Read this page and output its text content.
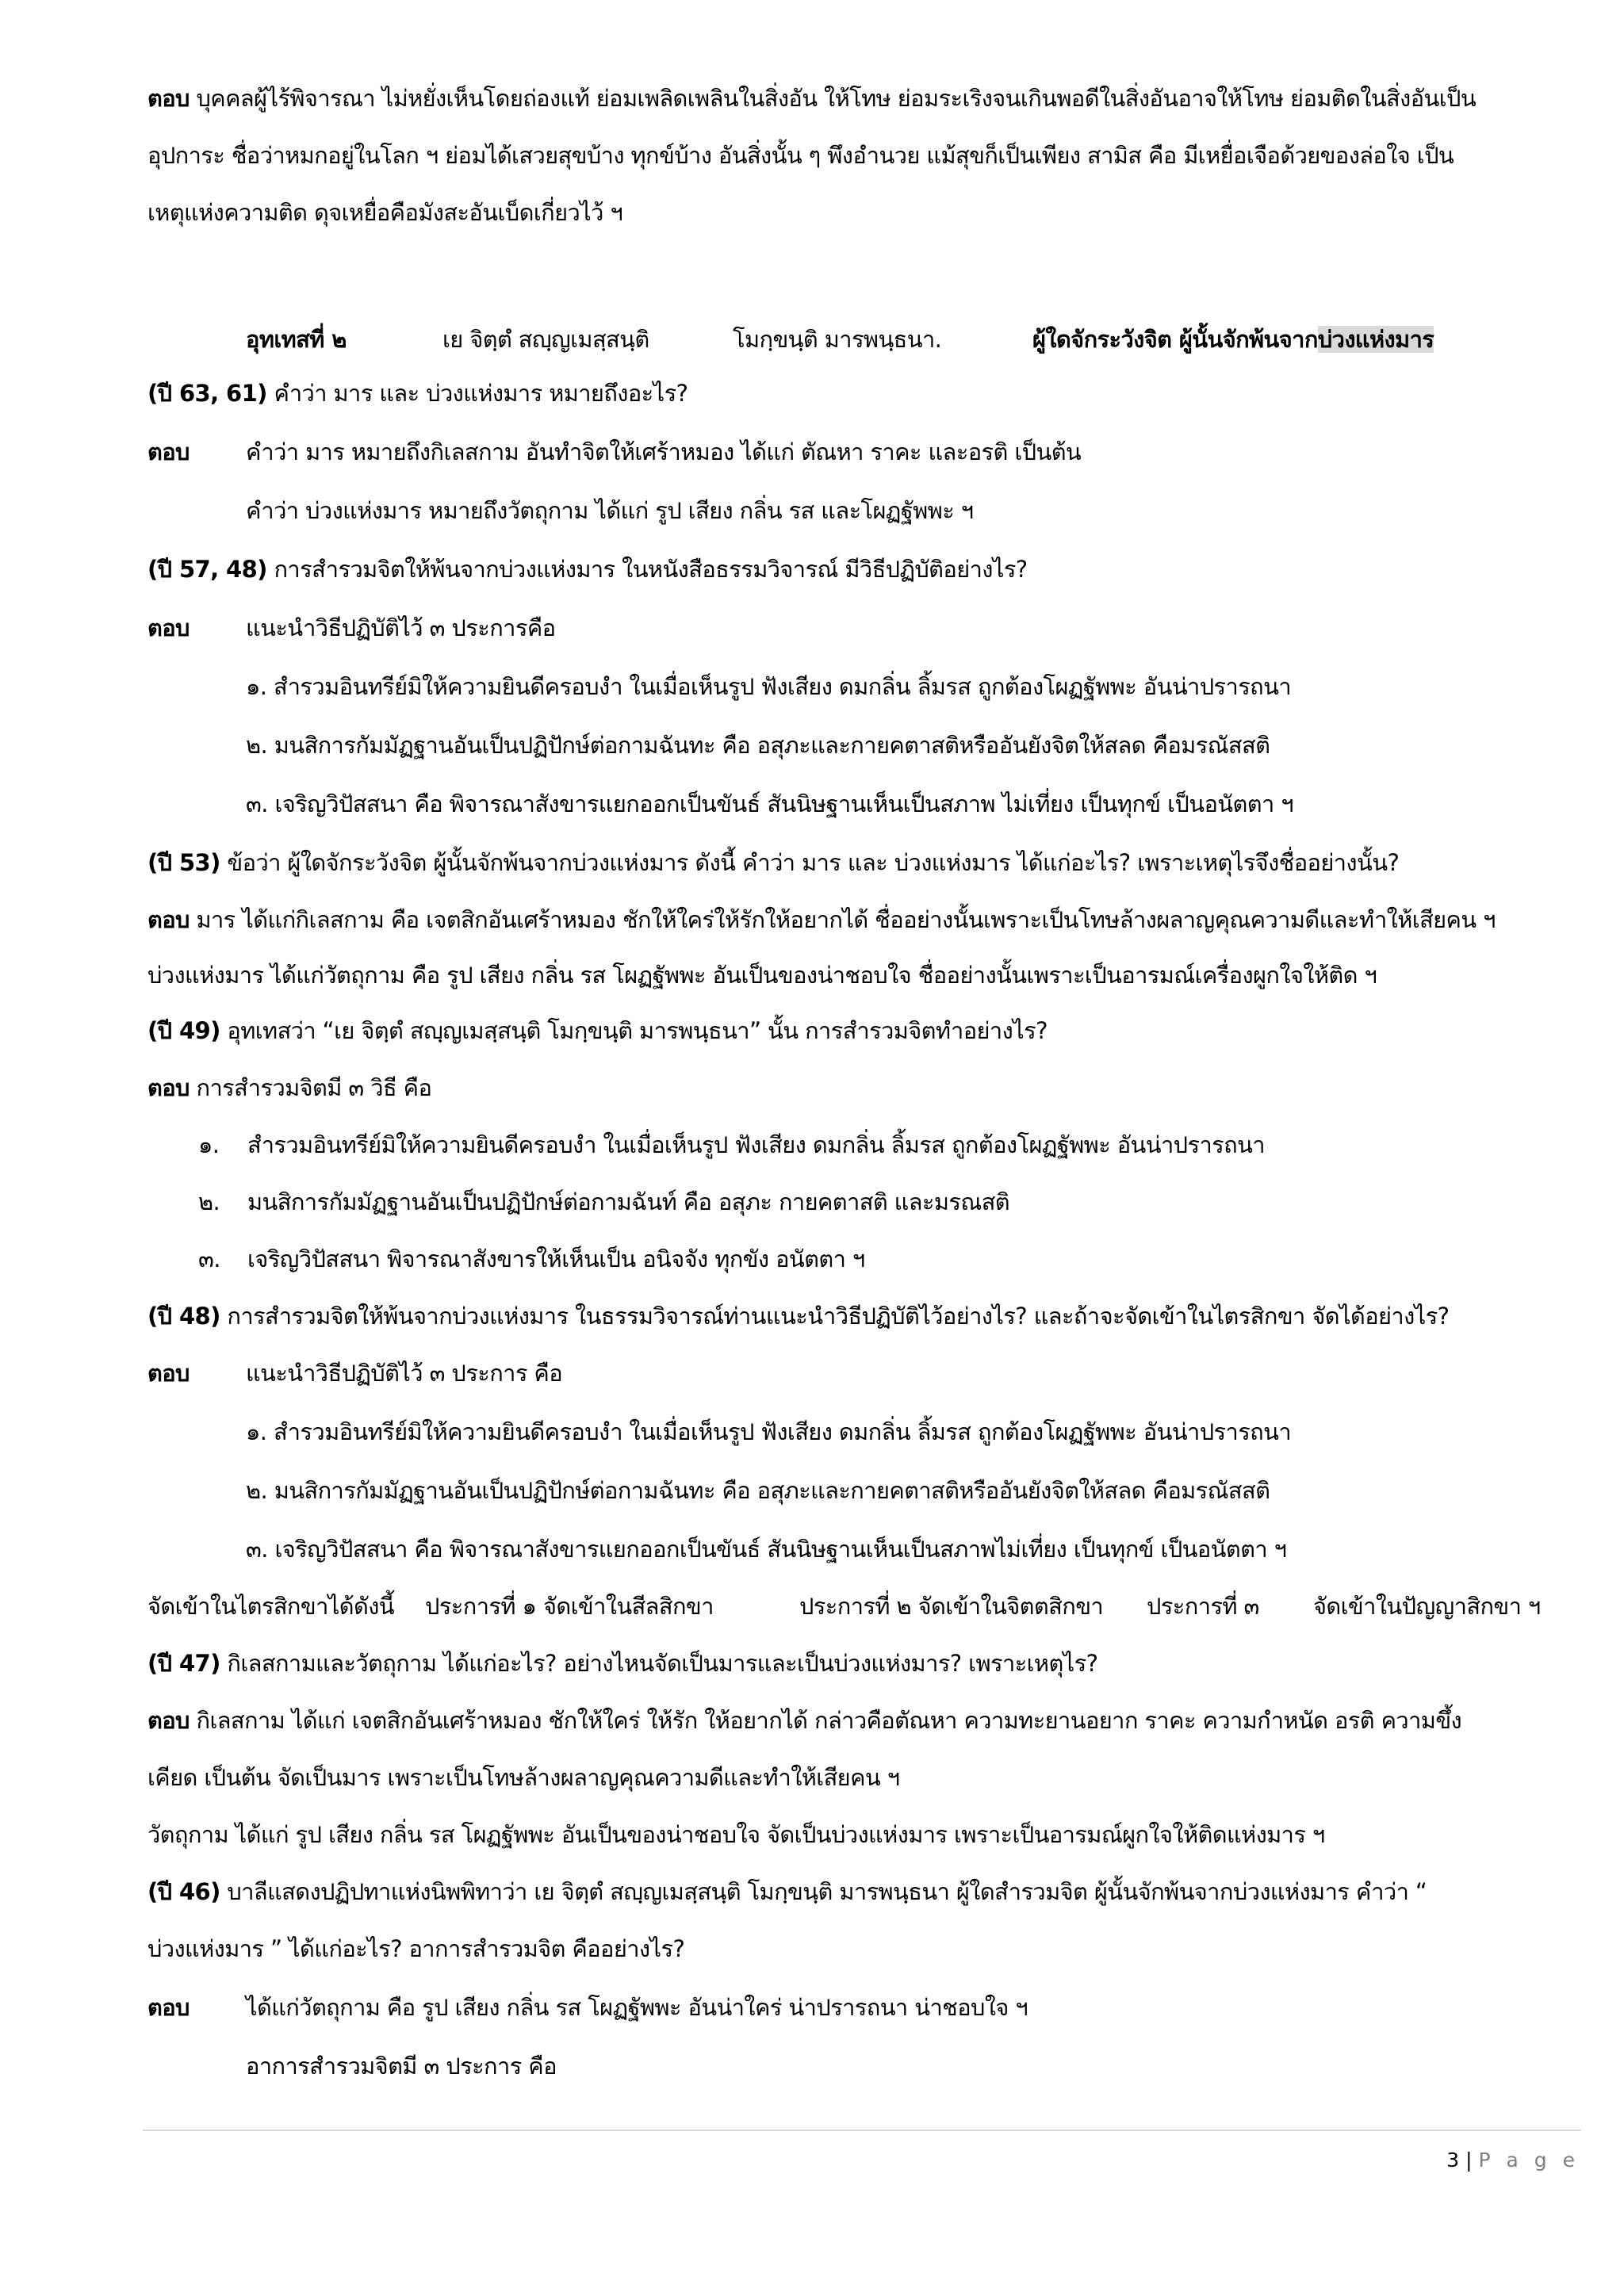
ตอบ บุคคลผู้ไร้พิจารณา ไม่หยั่งเห็นโดยถ่องแท้ ย่อมเพลิดเพลินในสิ่งอัน ให้โทษ ย่อมระเริงจนเกินพอดีในสิ่งอันอาจให้โทษ ย่อมติดในสิ่งอันเป็น
อุปการะ ชื่อว่าหมกอยู่ในโลก ฯ ย่อมได้เสวยสุขบ้าง ทุกข์บ้าง อันสิ่งนั้น ๆ พึงอำนวย แม้สุขก็เป็นเพียง สามิส คือ มีเหยื่อเจือด้วยของล่อใจ เป็น
เหตุแห่งความติด ดุจเหยื่อคือมังสะอันเบ็ดเกี่ยวไว้ ฯ
อุทเทสที่ ๒	เย จิตฺตํ สญฺญเมสฺสนฺติ	โมกฺขนฺติ มารพนฺธนา.	ผู้ใดจักระวังจิต ผู้นั้นจักพ้นจากบ่วงแห่งมาร
(ปี 63, 61) คำว่า มาร และ บ่วงแห่งมาร หมายถึงอะไร?
ตอบ คำว่า มาร หมายถึงกิเลสกาม อันทำจิตให้เศร้าหมอง ได้แก่ ตัณหา ราคะ และอรติ เป็นต้น
คำว่า บ่วงแห่งมาร หมายถึงวัตถุกาม ได้แก่ รูป เสียง กลิ่น รส และโผฏฐัพพะ ฯ
(ปี 57, 48) การสำรวมจิตให้พ้นจากบ่วงแห่งมาร ในหนังสือธรรมวิจารณ์ มีวิธีปฏิบัติอย่างไร?
ตอบ แนะนำวิธีปฏิบัติไว้ ๓ ประการคือ
๑. สำรวมอินทรีย์มิให้ความยินดีครอบงำ ในเมื่อเห็นรูป ฟังเสียง ดมกลิ่น ลิ้มรส ถูกต้องโผฏฐัพพะ อันน่าปรารถนา
๒. มนสิการกัมมัฏฐานอันเป็นปฏิปักษ์ต่อกามฉันทะ คือ อสุภะและกายคตาสติหรืออันยังจิตให้สลด คือมรณัสสติ
๓. เจริญวิปัสสนา คือ พิจารณาสังขารแยกออกเป็นขันธ์ สันนิษฐานเห็นเป็นสภาพ ไม่เที่ยง เป็นทุกข์ เป็นอนัตตา ฯ
(ปี 53) ข้อว่า ผู้ใดจักระวังจิต ผู้นั้นจักพ้นจากบ่วงแห่งมาร ดังนี้ คำว่า มาร และ บ่วงแห่งมาร ได้แก่อะไร? เพราะเหตุไรจึงชื่ออย่างนั้น?
ตอบ มาร ได้แก่กิเลสกาม คือ เจตสิกอันเศร้าหมอง ชักให้ใคร่ให้รักให้อยากได้ ชื่ออย่างนั้นเพราะเป็นโทษล้างผลาญคุณความดีและทำให้เสียคน ฯ
บ่วงแห่งมาร ได้แก่วัตถุกาม คือ รูป เสียง กลิ่น รส โผฏฐัพพะ อันเป็นของน่าชอบใจ ชื่ออย่างนั้นเพราะเป็นอารมณ์เครื่องผูกใจให้ติด ฯ
(ปี 49) อุทเทสว่า “เย จิตฺตํ สญฺญเมสฺสนฺติ โมกฺขนฺติ มารพนฺธนา” นั้น การสำรวมจิตทำอย่างไร?
ตอบ การสำรวมจิตมี ๓ วิธี คือ
๑. สำรวมอินทรีย์มิให้ความยินดีครอบงำ ในเมื่อเห็นรูป ฟังเสียง ดมกลิ่น ลิ้มรส ถูกต้องโผฏฐัพพะ อันน่าปรารถนา
๒. มนสิการกัมมัฏฐานอันเป็นปฏิปักษ์ต่อกามฉันท์ คือ อสุภะ กายคตาสติ และมรณสติ
๓. เจริญวิปัสสนา พิจารณาสังขารให้เห็นเป็น อนิจจัง ทุกขัง อนัตตา ฯ
(ปี 48) การสำรวมจิตให้พ้นจากบ่วงแห่งมาร ในธรรมวิจารณ์ท่านแนะนำวิธีปฏิบัติไว้อย่างไร? และถ้าจะจัดเข้าในไตรสิกขา จัดได้อย่างไร?
ตอบ แนะนำวิธีปฏิบัติไว้ ๓ ประการ คือ
๑. สำรวมอินทรีย์มิให้ความยินดีครอบงำ ในเมื่อเห็นรูป ฟังเสียง ดมกลิ่น ลิ้มรส ถูกต้องโผฏฐัพพะ อันน่าปรารถนา
๒. มนสิการกัมมัฏฐานอันเป็นปฏิปักษ์ต่อกามฉันทะ คือ อสุภะและกายคตาสติหรืออันยังจิตให้สลด คือมรณัสสติ
๓. เจริญวิปัสสนา คือ พิจารณาสังขารแยกออกเป็นขันธ์ สันนิษฐานเห็นเป็นสภาพไม่เที่ยง เป็นทุกข์ เป็นอนัตตา ฯ
จัดเข้าในไตรสิกขาได้ดังนี้ ประการที่ ๑ จัดเข้าในสีลสิกขา	ประการที่ ๒ จัดเข้าในจิตตสิกขา ประการที่ ๓ จัดเข้าในปัญญาสิกขา ฯ
(ปี 47) กิเลสกามและวัตถุกาม ได้แก่อะไร? อย่างไหนจัดเป็นมารและเป็นบ่วงแห่งมาร? เพราะเหตุไร?
ตอบ กิเลสกาม ได้แก่ เจตสิกอันเศร้าหมอง ชักให้ใคร่ ให้รัก ให้อยากได้ กล่าวคือตัณหา ความทะยานอยาก ราคะ ความกำหนัด อรติ ความขึ้ง
เคียด เป็นต้น จัดเป็นมาร เพราะเป็นโทษล้างผลาญคุณความดีและทำให้เสียคน ฯ
วัตถุกาม ได้แก่ รูป เสียง กลิ่น รส โผฏฐัพพะ อันเป็นของน่าชอบใจ จัดเป็นบ่วงแห่งมาร เพราะเป็นอารมณ์ผูกใจให้ติดแห่งมาร ฯ
(ปี 46) บาลีแสดงปฏิปทาแห่งนิพพิทาว่า เย จิตฺตํ สญฺญเมสฺสนฺติ โมกฺขนฺติ มารพนฺธนา ผู้ใดสำรวมจิต ผู้นั้นจักพ้นจากบ่วงแห่งมาร คำว่า “
บ่วงแห่งมาร ” ได้แก่อะไร? อาการสำรวมจิต คืออย่างไร?
ตอบ ได้แก่วัตถุกาม คือ รูป เสียง กลิ่น รส โผฏฐัพพะ อันน่าใคร่ น่าปรารถนา น่าชอบใจ ฯ
อาการสำรวมจิตมี ๓ ประการ คือ
3 | P a g e
